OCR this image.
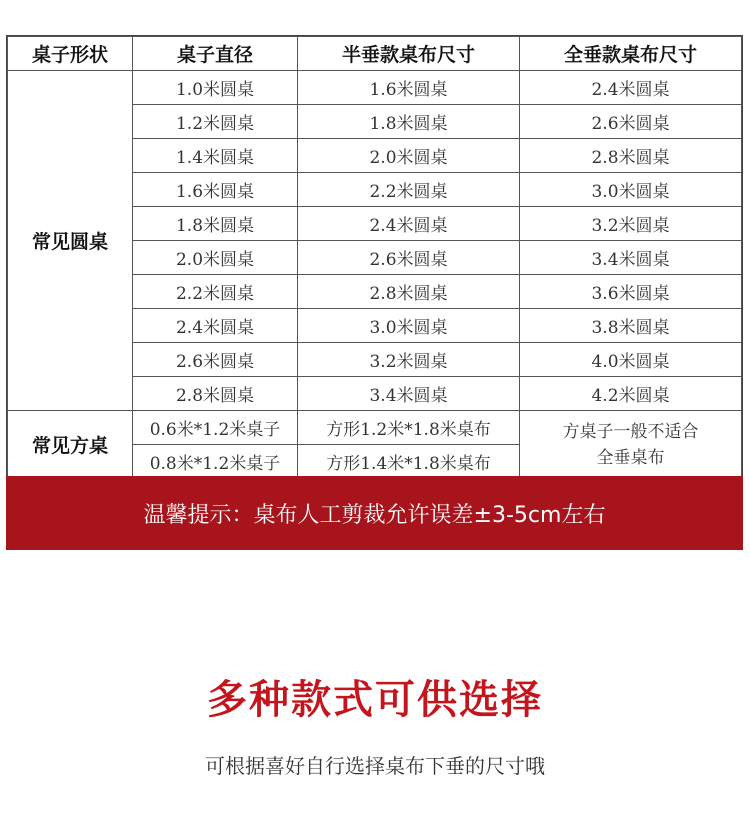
桌子形状	桌子直径	半垂款桌布尺寸	全垂款桌布尺寸
常见圆桌	1.0米圆桌	1.6米圆桌	2.4米圆桌
	1.2米圆桌	1.8米圆桌	2.6米圆桌
	1.4米圆桌	2.0米圆桌	2.8米圆桌
	1.6米圆桌	2.2米圆桌	3.0米圆桌
	1.8米圆桌	2.4米圆桌	3.2米圆桌
	2.0米圆桌	2.6米圆桌	3.4米圆桌
	2.2米圆桌	2.8米圆桌	3.6米圆桌
	2.4米圆桌	3.0米圆桌	3.8米圆桌
	2.6米圆桌	3.2米圆桌	4.0米圆桌
	2.8米圆桌	3.4米圆桌	4.2米圆桌
常见方桌	0.6米*1.2米桌子	方形1.2米*1.8米桌布	方桌子一般不适合
全垂桌布

	0.8米*1.2米桌子	方形1.4米*1.8米桌布	
温馨提示：桌布人工剪裁允许误差±3-5cm左右
多种款式可供选择
可根据喜好自行选择桌布下垂的尺寸哦
